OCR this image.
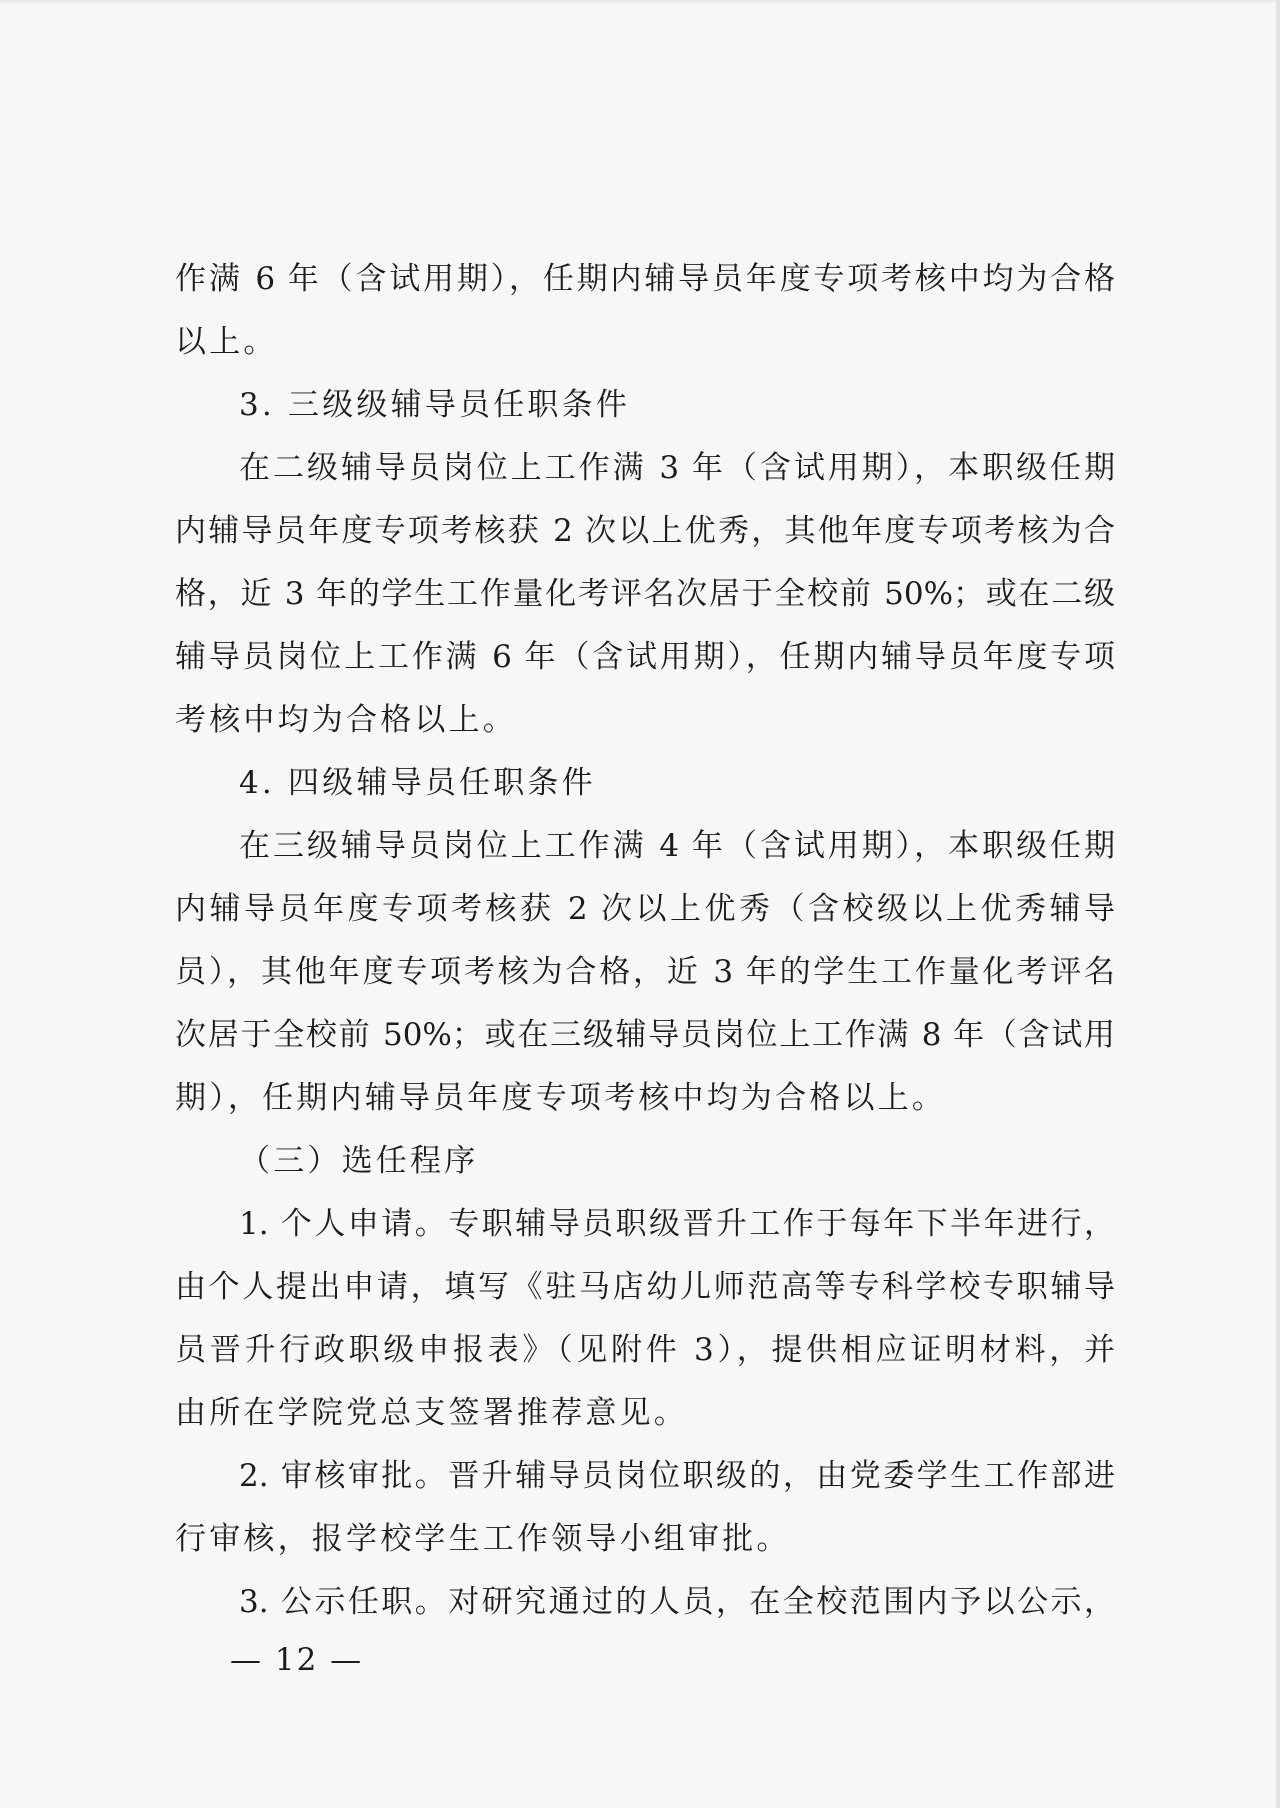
作满 6 年（含试用期），任期内辅导员年度专项考核中均为合格
以上。
3. 三级级辅导员任职条件
在二级辅导员岗位上工作满 3 年（含试用期），本职级任期
内辅导员年度专项考核获 2 次以上优秀，其他年度专项考核为合
格，近 3 年的学生工作量化考评名次居于全校前 50%；或在二级
辅导员岗位上工作满 6 年（含试用期），任期内辅导员年度专项
考核中均为合格以上。
4. 四级辅导员任职条件
在三级辅导员岗位上工作满 4 年（含试用期），本职级任期
内辅导员年度专项考核获 2 次以上优秀（含校级以上优秀辅导
员），其他年度专项考核为合格，近 3 年的学生工作量化考评名
次居于全校前 50%；或在三级辅导员岗位上工作满 8 年（含试用
期），任期内辅导员年度专项考核中均为合格以上。
（三）选任程序
1. 个人申请。专职辅导员职级晋升工作于每年下半年进行，
由个人提出申请，填写《驻马店幼儿师范高等专科学校专职辅导
员晋升行政职级申报表》（见附件 3），提供相应证明材料，并
由所在学院党总支签署推荐意见。
2. 审核审批。晋升辅导员岗位职级的，由党委学生工作部进
行审核，报学校学生工作领导小组审批。
3. 公示任职。对研究通过的人员，在全校范围内予以公示，
— 12 —
